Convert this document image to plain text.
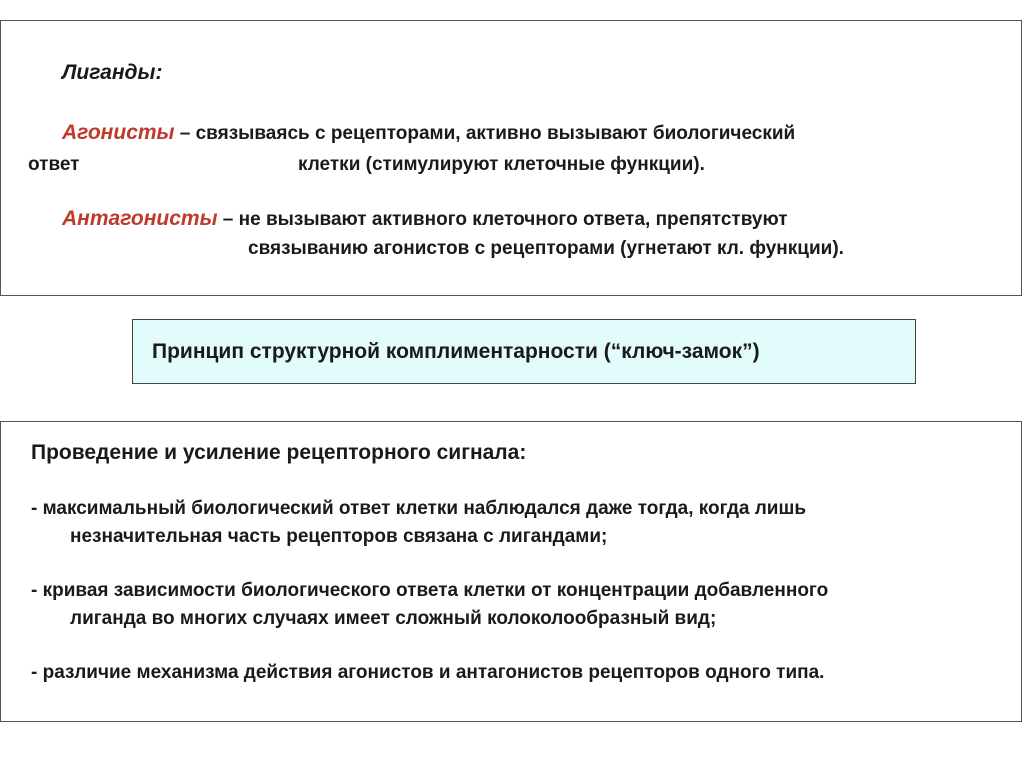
Лиганды:
Агонисты – связываясь с рецепторами, активно вызывают биологический
ответ	клетки (стимулируют клеточные функции).
Антагонисты – не вызывают активного клеточного ответа, препятствуют
связыванию агонистов с рецепторами (угнетают кл. функции).
Принцип структурной комплиментарности (“ключ-замок”)
Проведение и усиление рецепторного сигнала:
- максимальный биологический ответ клетки наблюдался даже тогда, когда лишь
незначительная часть рецепторов связана с лигандами;
- кривая зависимости биологического ответа клетки от концентрации добавленного
лиганда во многих случаях имеет сложный колоколообразный вид;
- различие механизма действия агонистов и антагонистов рецепторов одного типа.
